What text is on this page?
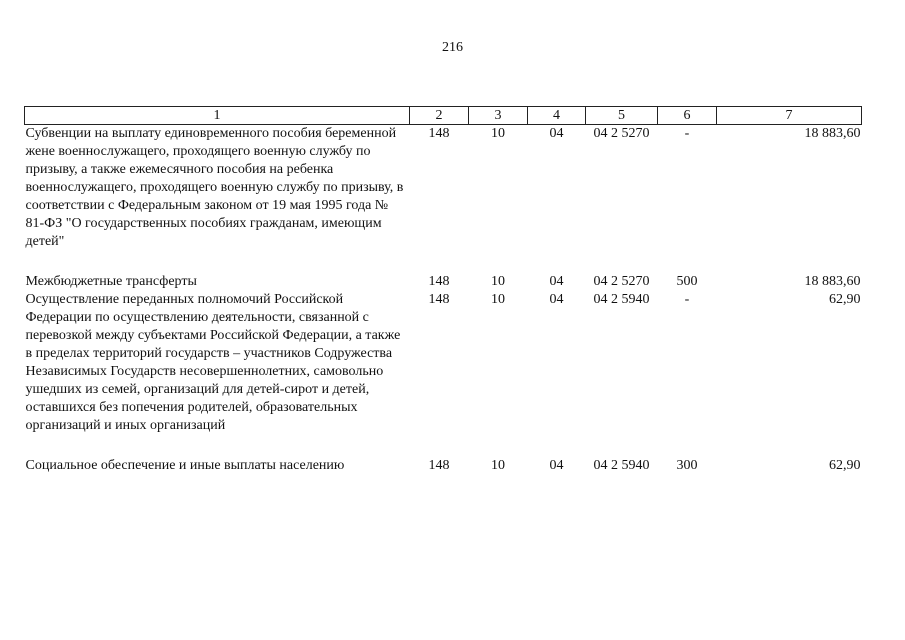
216
1	2	3	4	5	6	7
Субвенции на выплату единовременного пособия беременной жене военнослужащего, проходящего военную службу по призыву, а также ежемесячного пособия на ребенка военнослужащего, проходящего военную службу по призыву, в соответствии с Федеральным законом от 19 мая 1995 года № 81-ФЗ "О государственных пособиях гражданам, имеющим детей"	148	10	04	04 2 5270	-	18 883,60
Межбюджетные трансферты	148	10	04	04 2 5270	500	18 883,60
Осуществление переданных полномочий Российской Федерации по осуществлению деятельности, связанной с перевозкой между субъектами Российской Федерации, а также в пределах территорий государств – участников Содружества Независимых Государств несовершеннолетних, самовольно ушедших из семей, организаций для детей-сирот и детей, оставшихся без попечения родителей, образовательных организаций и иных организаций	148	10	04	04 2 5940	-	62,90
Социальное обеспечение и иные выплаты населению	148	10	04	04 2 5940	300	62,90
